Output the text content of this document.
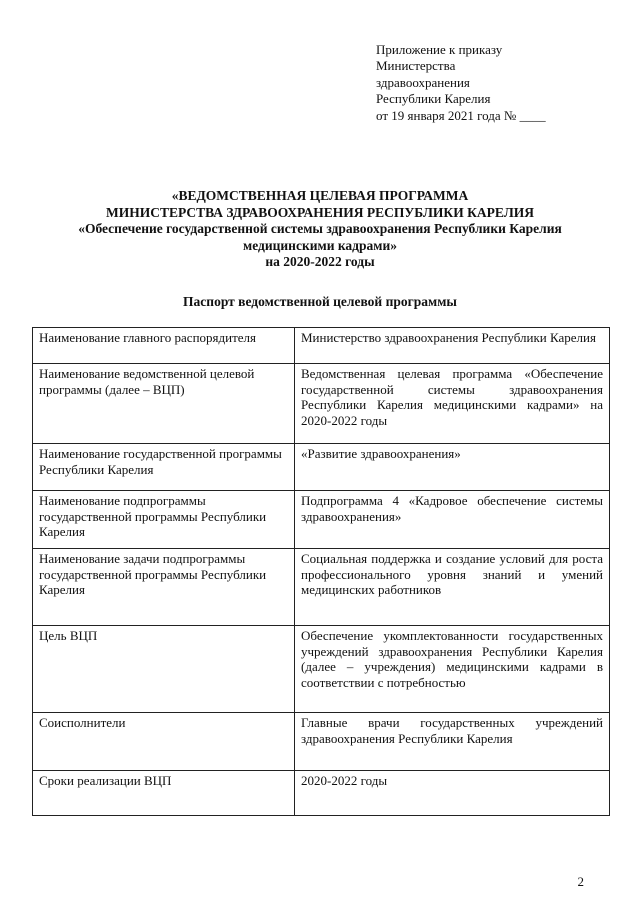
Приложение к приказу
Министерства
здравоохранения
Республики Карелия
от 19 января 2021 года № ____
«ВЕДОМСТВЕННАЯ ЦЕЛЕВАЯ ПРОГРАММА
МИНИСТЕРСТВА ЗДРАВООХРАНЕНИЯ РЕСПУБЛИКИ КАРЕЛИЯ
«Обеспечение государственной системы здравоохранения Республики Карелия
медицинскими кадрами»
на 2020-2022 годы
Паспорт ведомственной целевой программы
Наименование главного распорядителя	Министерство здравоохранения Республики Карелия
Наименование ведомственной целевой программы (далее – ВЦП)	Ведомственная целевая программа «Обеспечение государственной системы здравоохранения Республики Карелия медицинскими кадрами» на 2020-2022 годы
Наименование государственной программы Республики Карелия	«Развитие здравоохранения»
Наименование подпрограммы государственной программы Республики Карелия	Подпрограмма 4 «Кадровое обеспечение системы здравоохранения»
Наименование задачи подпрограммы государственной программы Республики Карелия	Социальная поддержка и создание условий для роста профессионального уровня знаний и умений медицинских работников
Цель ВЦП	Обеспечение укомплектованности государственных учреждений здравоохранения Республики Карелия (далее – учреждения) медицинскими кадрами в соответствии с потребностью
Соисполнители	Главные врачи государственных учреждений здравоохранения Республики Карелия
Сроки реализации ВЦП	2020-2022 годы
2
